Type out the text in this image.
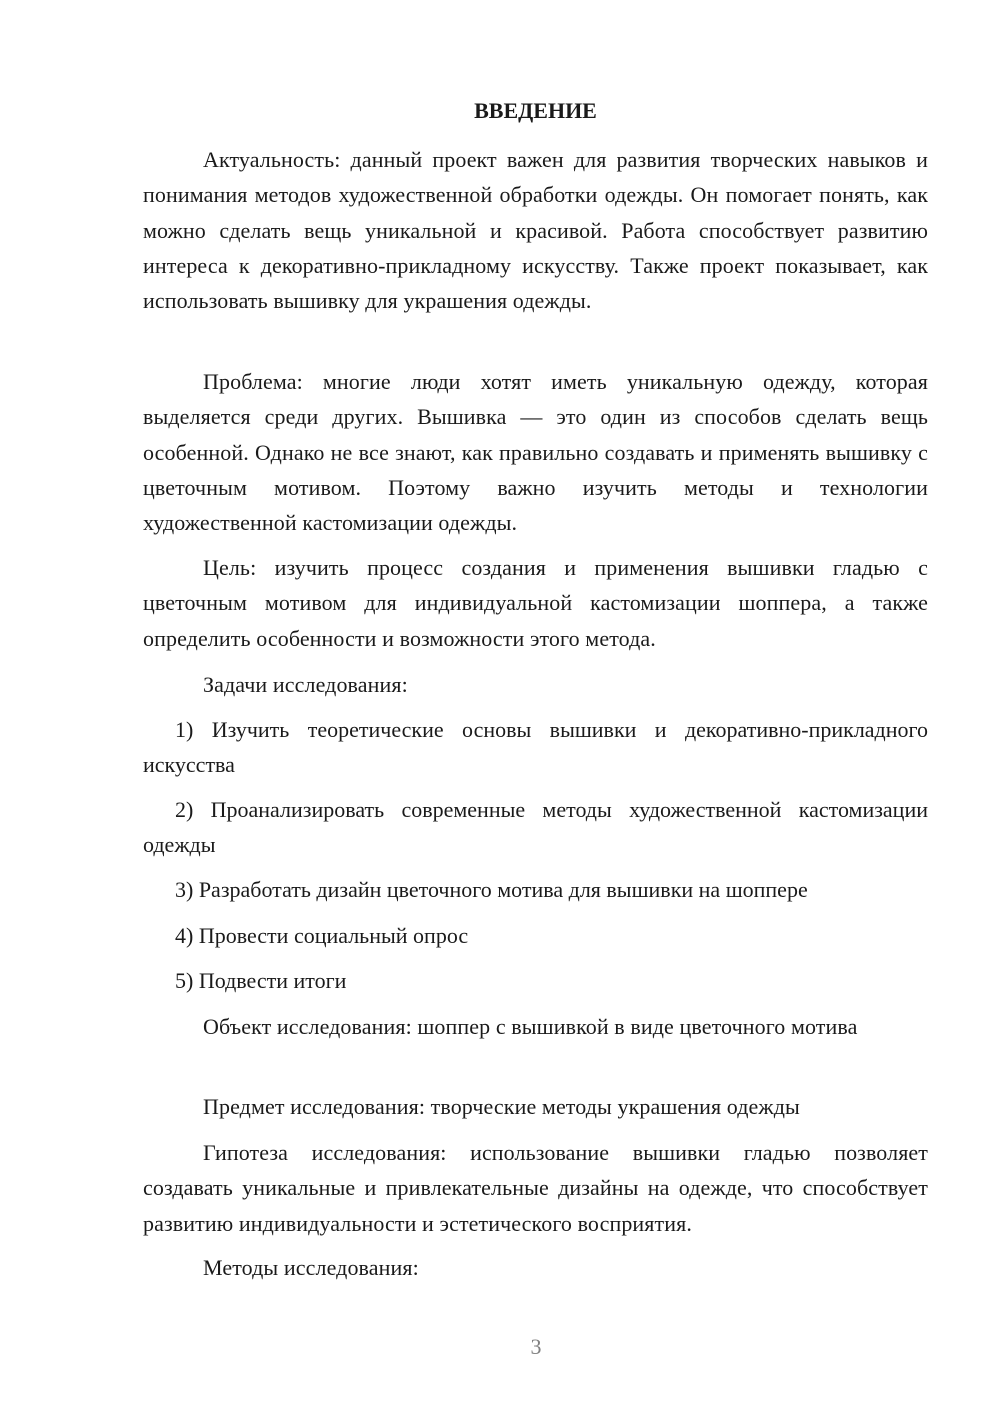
ВВЕДЕНИЕ

Актуальность: данный проект важен для развития творческих навыков и понимания методов художественной обработки одежды. Он помогает понять, как можно сделать вещь уникальной и красивой. Работа способствует развитию интереса к декоративно-прикладному искусству. Также проект показывает, как использовать вышивку для украшения одежды.

Проблема: многие люди хотят иметь уникальную одежду, которая выделяется среди других. Вышивка — это один из способов сделать вещь особенной. Однако не все знают, как правильно создавать и применять вышивку с цветочным мотивом. Поэтому важно изучить методы и технологии художественной кастомизации одежды.

Цель: изучить процесс создания и применения вышивки гладью с цветочным мотивом для индивидуальной кастомизации шоппера, а также определить особенности и возможности этого метода.

Задачи исследования:

1) Изучить теоретические основы вышивки и декоративно-прикладного искусства

2) Проанализировать современные методы художественной кастомизации одежды

3) Разработать дизайн цветочного мотива для вышивки на шоппере

4) Провести социальный опрос

5) Подвести итоги

Объект исследования: шоппер с вышивкой в виде цветочного мотива

Предмет исследования: творческие методы украшения одежды

Гипотеза исследования: использование вышивки гладью позволяет создавать уникальные и привлекательные дизайны на одежде, что способствует развитию индивидуальности и эстетического восприятия.

Методы исследования:

3
